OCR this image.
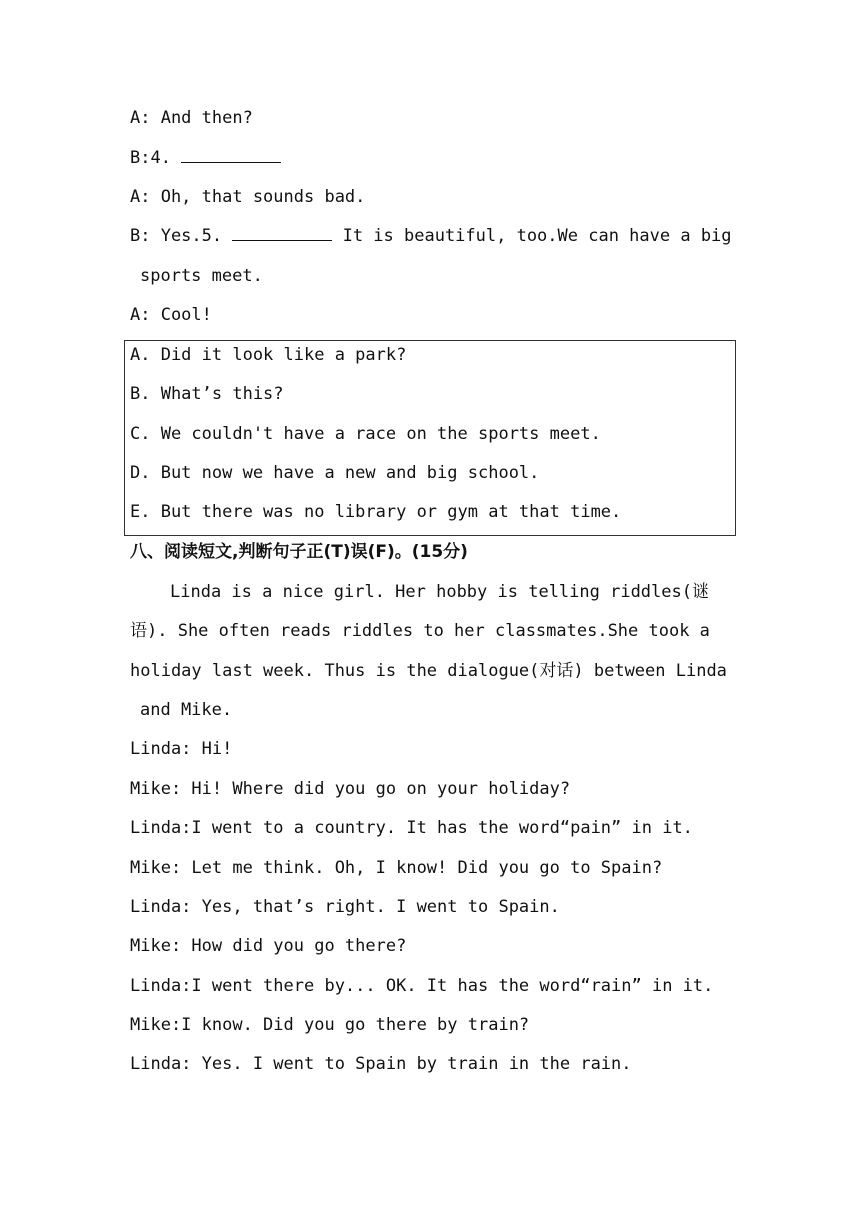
A: And then?
B:4.
A: Oh, that sounds bad.
B: Yes.5.	It is beautiful, too.We can have a big
sports meet.
A: Cool!
A. Did it look like a park?
B. What’s this?
C. We couldn't have a race on the sports meet.
D. But now we have a new and big school.
E. But there was no library or gym at that time.
八、阅读短文,判断句子正(T)误(F)。(15分)
Linda is a nice girl. Her hobby is telling riddles(谜
语). She often reads riddles to her classmates.She took a
holiday last week. Thus is the dialogue(对话) between Linda
and Mike.
Linda: Hi!
Mike: Hi! Where did you go on your holiday?
Linda:I went to a country. It has the word“pain” in it.
Mike: Let me think. Oh, I know! Did you go to Spain?
Linda: Yes, that’s right. I went to Spain.
Mike: How did you go there?
Linda:I went there by... OK. It has the word“rain” in it.
Mike:I know. Did you go there by train?
Linda: Yes. I went to Spain by train in the rain.
